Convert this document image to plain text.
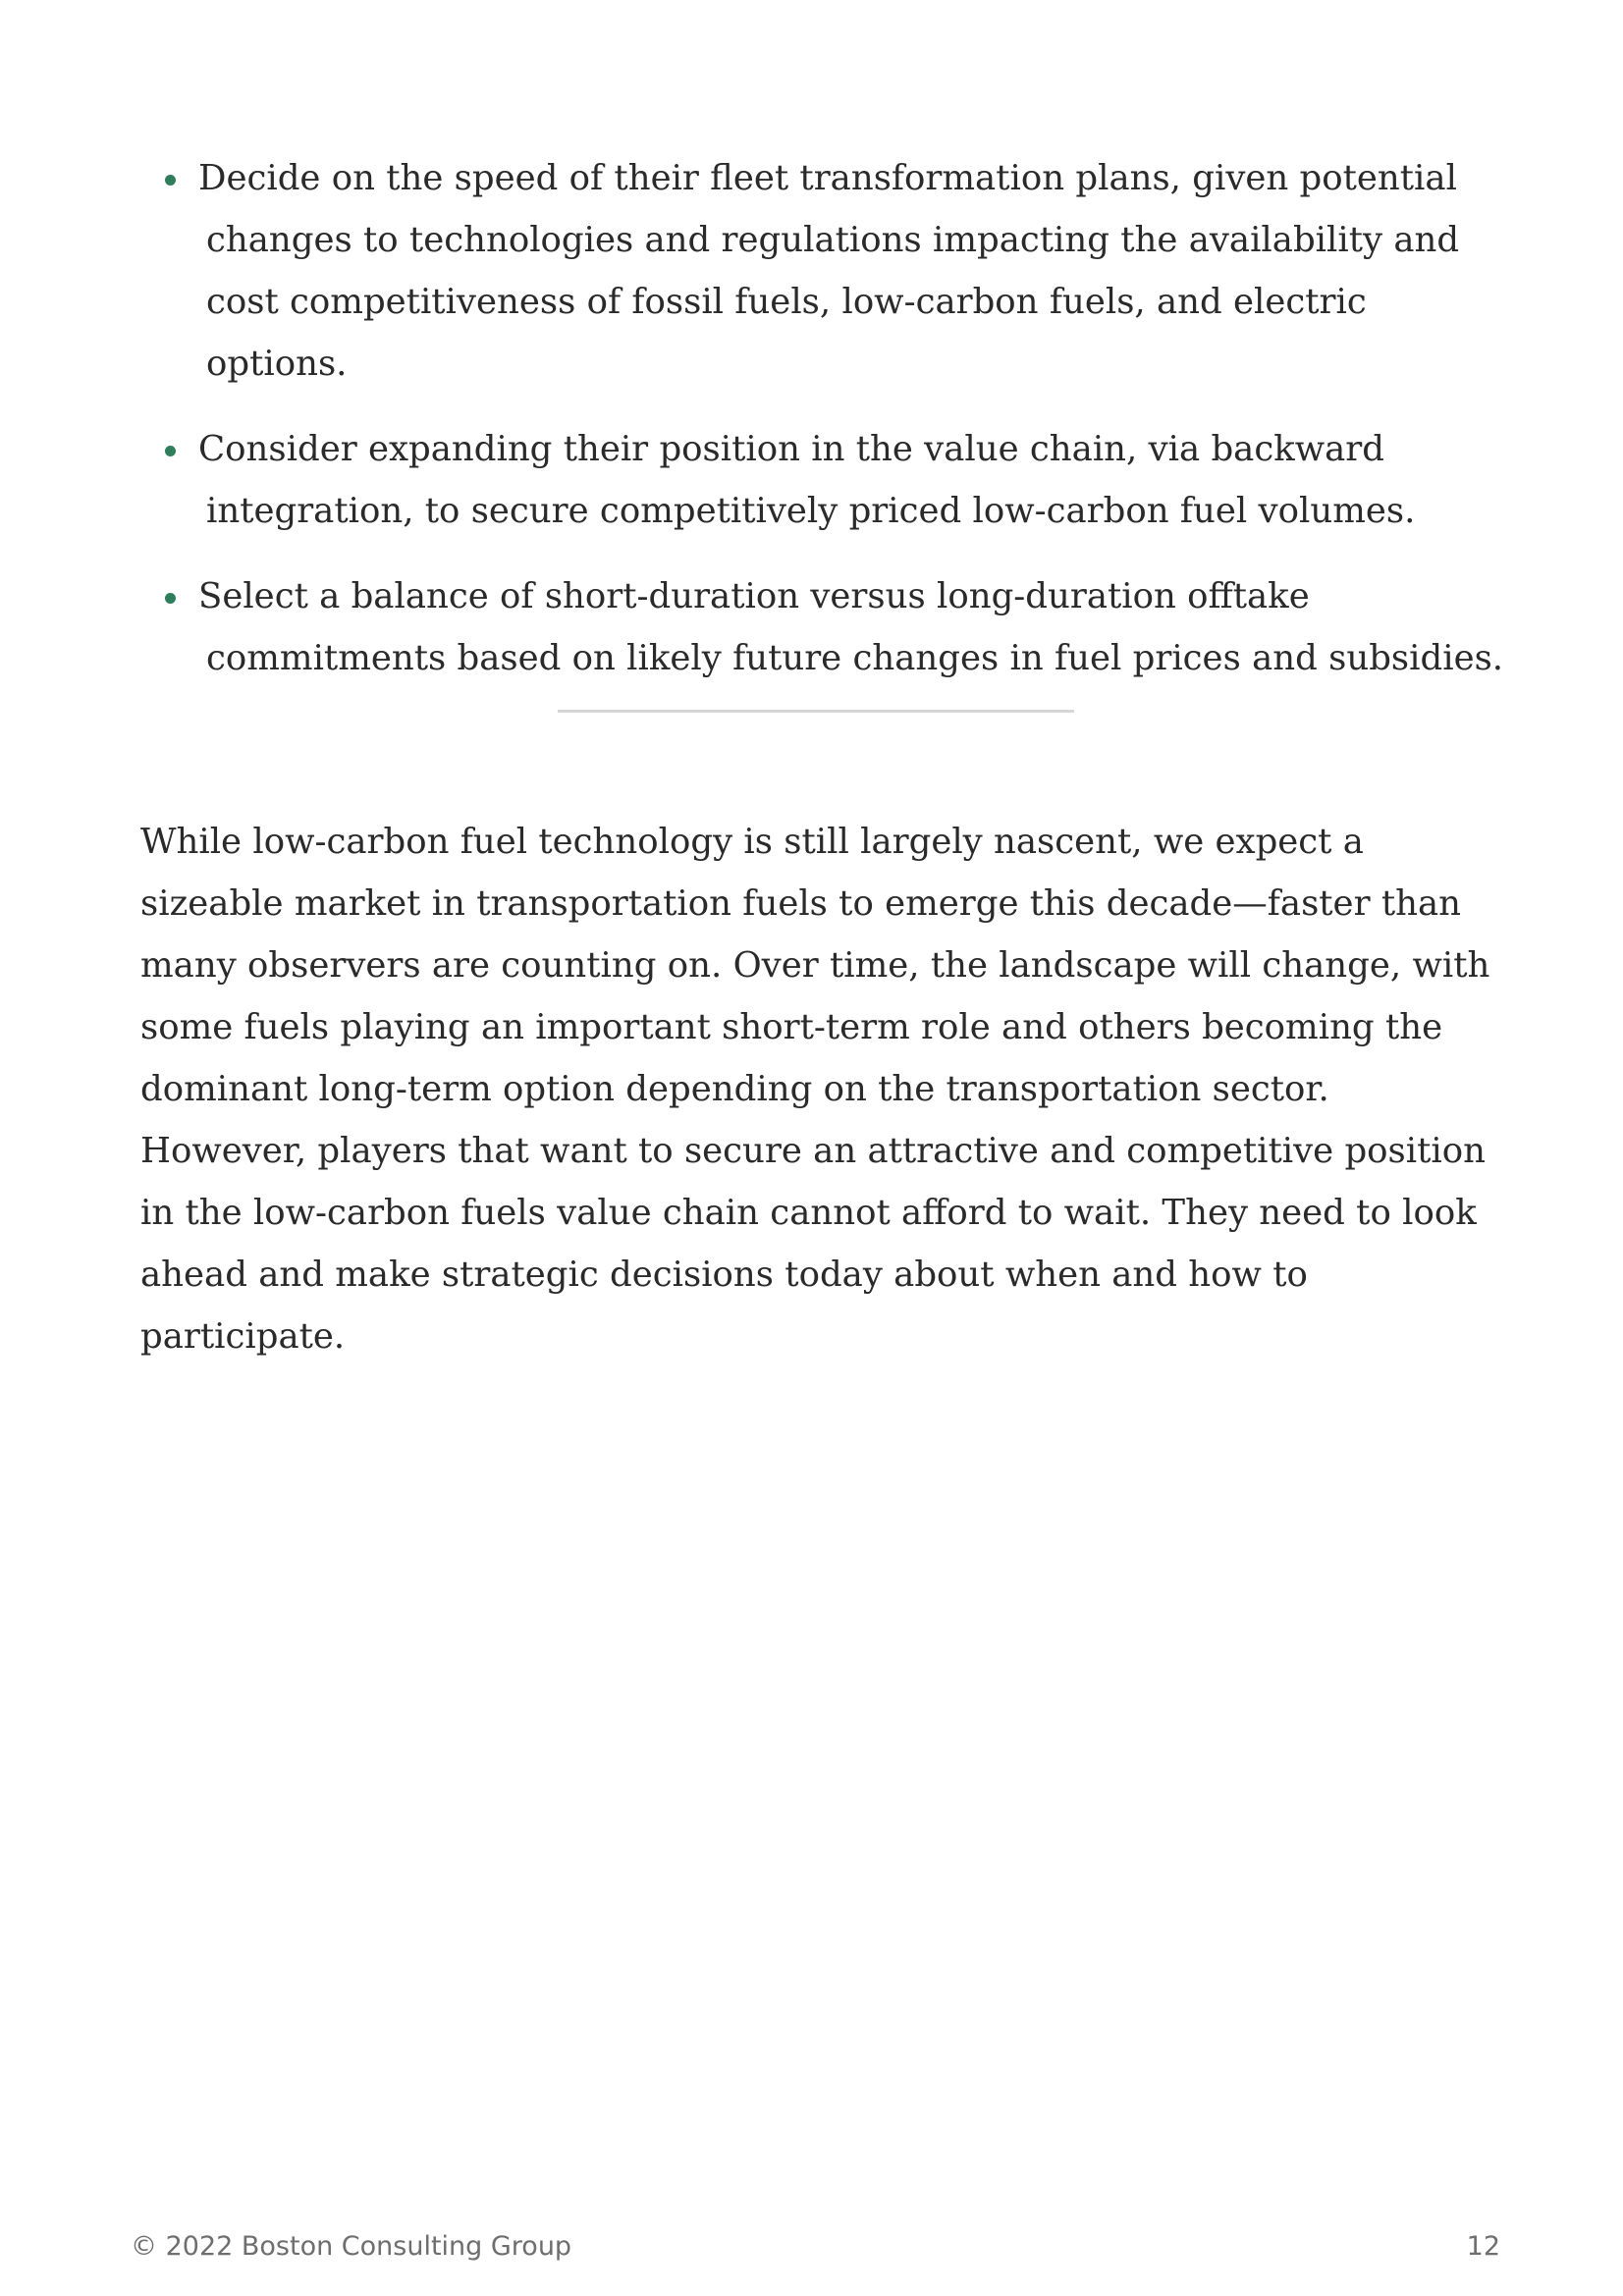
Decide on the speed of their fleet transformation plans, given potential changes to technologies and regulations impacting the availability and cost competitiveness of fossil fuels, low-carbon fuels, and electric options.
Consider expanding their position in the value chain, via backward integration, to secure competitively priced low-carbon fuel volumes.
Select a balance of short-duration versus long-duration offtake commitments based on likely future changes in fuel prices and subsidies.

While low-carbon fuel technology is still largely nascent, we expect a sizeable market in transportation fuels to emerge this decade—faster than many observers are counting on. Over time, the landscape will change, with some fuels playing an important short-term role and others becoming the dominant long-term option depending on the transportation sector. However, players that want to secure an attractive and competitive position in the low-carbon fuels value chain cannot afford to wait. They need to look ahead and make strategic decisions today about when and how to participate.

© 2022 Boston Consulting Group	12
